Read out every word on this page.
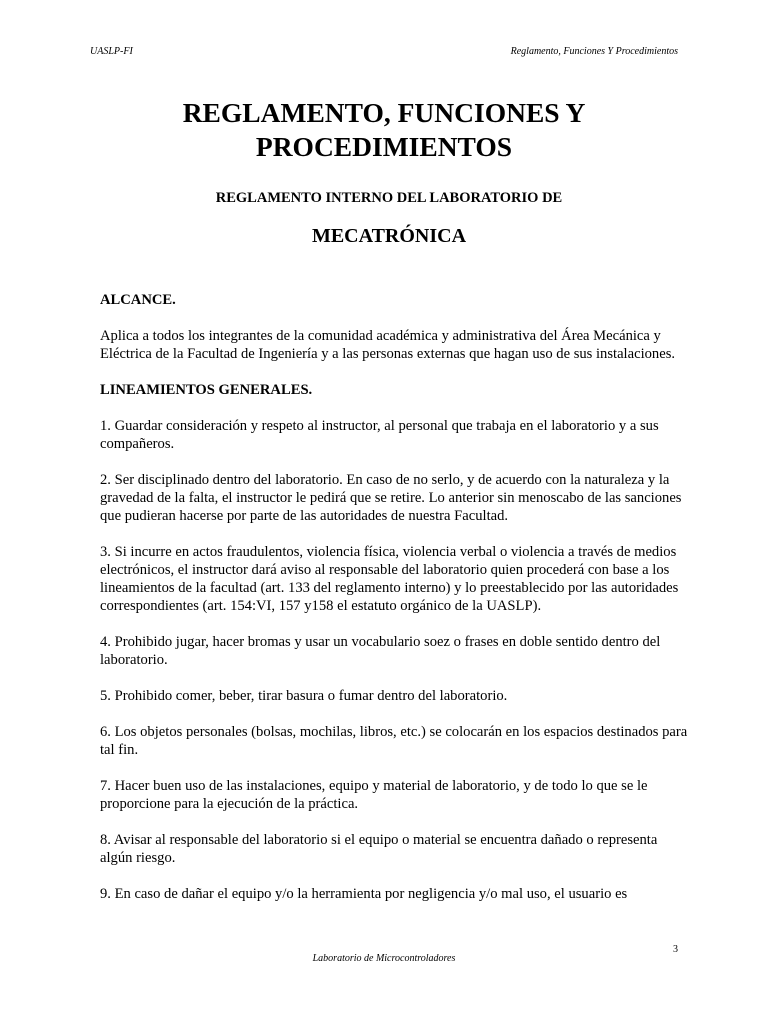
UASLP-FI	Reglamento, Funciones Y Procedimientos
REGLAMENTO, FUNCIONES Y PROCEDIMIENTOS
REGLAMENTO INTERNO DEL LABORATORIO DE
MECATRÓNICA

ALCANCE.

Aplica a todos los integrantes de la comunidad académica y administrativa del Área Mecánica y Eléctrica de la Facultad de Ingeniería y a las personas externas que hagan uso de sus instalaciones.

LINEAMIENTOS GENERALES.

1. Guardar consideración y respeto al instructor, al personal que trabaja en el laboratorio y a sus compañeros.

2. Ser disciplinado dentro del laboratorio. En caso de no serlo, y de acuerdo con la naturaleza y la gravedad de la falta, el instructor le pedirá que se retire. Lo anterior sin menoscabo de las sanciones que pudieran hacerse por parte de las autoridades de nuestra Facultad.

3. Si incurre en actos fraudulentos, violencia física, violencia verbal o violencia a través de medios electrónicos, el instructor dará aviso al responsable del laboratorio quien procederá con base a los lineamientos de la facultad (art. 133 del reglamento interno) y lo preestablecido por las autoridades correspondientes (art. 154:VI, 157 y158 el estatuto orgánico de la UASLP).

4. Prohibido jugar, hacer bromas y usar un vocabulario soez o frases en doble sentido dentro del laboratorio.

5. Prohibido comer, beber, tirar basura o fumar dentro del laboratorio.

6. Los objetos personales (bolsas, mochilas, libros, etc.) se colocarán en los espacios destinados para tal fin.

7. Hacer buen uso de las instalaciones, equipo y material de laboratorio, y de todo lo que se le proporcione para la ejecución de la práctica.

8. Avisar al responsable del laboratorio si el equipo o material se encuentra dañado o representa algún riesgo.

9. En caso de dañar el equipo y/o la herramienta por negligencia y/o mal uso, el usuario es

3
Laboratorio de Microcontroladores
